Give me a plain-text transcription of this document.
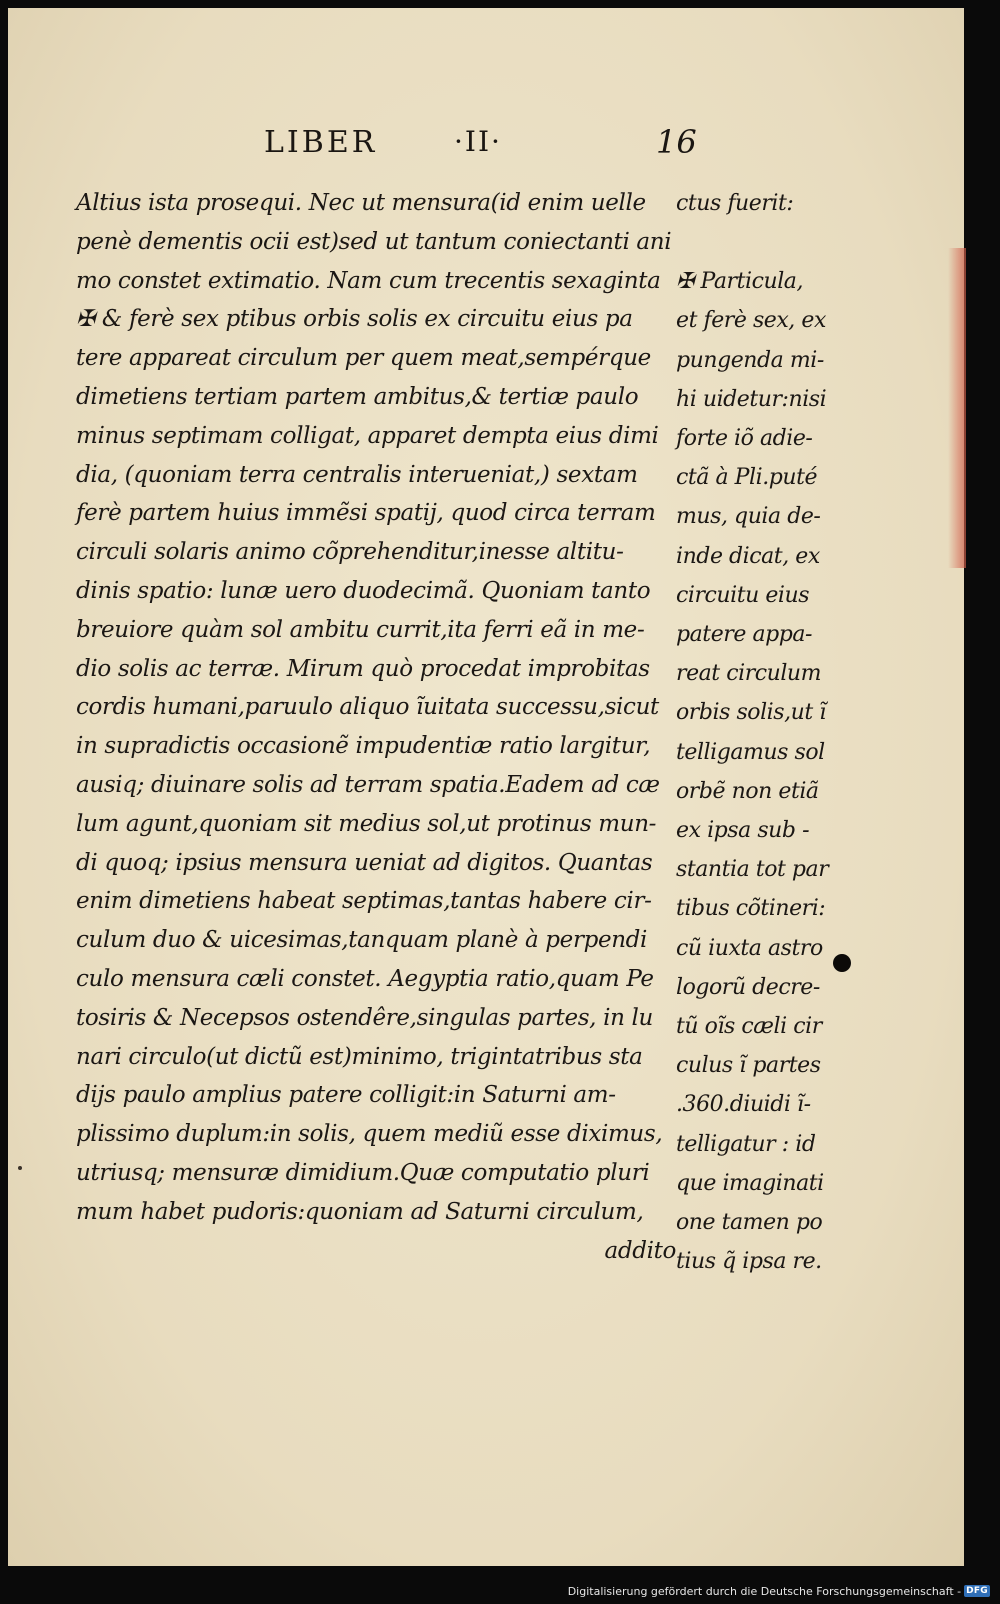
LIBER	·II·	16
Altius ista prosequi. Nec ut mensura(id enim uelle
penè dementis ocii est)sed ut tantum coniectanti ani
mo constet extimatio. Nam cum trecentis sexaginta
✠ & ferè sex ptibus orbis solis ex circuitu eius pa
tere appareat circulum per quem meat,sempérque
dimetiens tertiam partem ambitus,& tertiæ paulo
minus septimam colligat, apparet dempta eius dimi
dia, (quoniam terra centralis interueniat,) sextam
ferè partem huius immẽsi spatij, quod circa terram
circuli solaris animo cõprehenditur,inesse altitu-
dinis spatio: lunæ uero duodecimã. Quoniam tanto
breuiore quàm sol ambitu currit,ita ferri eã in me-
dio solis ac terræ. Mirum quò procedat improbitas
cordis humani,paruulo aliquo ĩuitata successu,sicut
in supradictis occasionẽ impudentiæ ratio largitur,
ausiq; diuinare solis ad terram spatia.Eadem ad cæ
lum agunt,quoniam sit medius sol,ut protinus mun-
di quoq; ipsius mensura ueniat ad digitos. Quantas
enim dimetiens habeat septimas,tantas habere cir-
culum duo & uicesimas,tanquam planè à perpendi
culo mensura cæli constet. Aegyptia ratio,quam Pe
tosiris & Necepsos ostendêre,singulas partes, in lu
nari circulo(ut dictũ est)minimo, trigintatribus sta
dijs paulo amplius patere colligit:in Saturni am-
plissimo duplum:in solis, quem mediũ esse diximus,
utriusq; mensuræ dimidium.Quæ computatio pluri
mum habet pudoris:quoniam ad Saturni circulum,
addito
ctus fuerit:
✠ Particula,
et ferè sex, ex
pungenda mi-
hi uidetur:nisi
forte iõ adie-
ctã à Pli.puté
mus, quia de-
inde dicat, ex
circuitu eius
patere appa-
reat circulum
orbis solis,ut ĩ
telligamus sol
orbẽ non etiã
ex ipsa sub -
stantia tot par
tibus cõtineri:
cũ iuxta astro
logorũ decre-
tũ oĩs cæli cir
culus ĩ partes
.360.diuidi ĩ-
telligatur : id
que imaginati
one tamen po
tius q̃ ipsa re.
Digitalisierung gefördert durch die Deutsche Forschungsgemeinschaft - DFG
